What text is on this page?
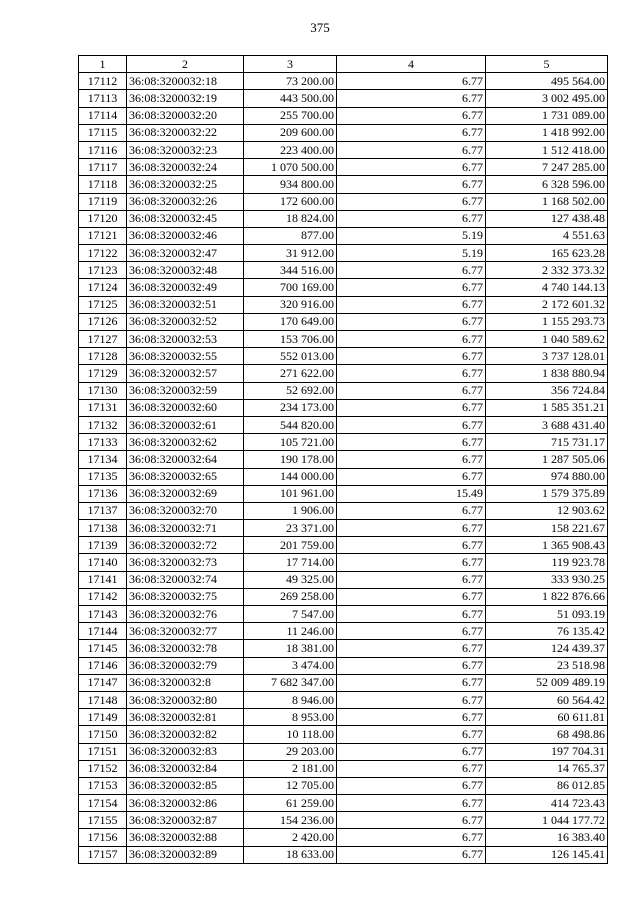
375
1	2	3	4	5
17112	36:08:3200032:18	73 200.00	6.77	495 564.00
17113	36:08:3200032:19	443 500.00	6.77	3 002 495.00
17114	36:08:3200032:20	255 700.00	6.77	1 731 089.00
17115	36:08:3200032:22	209 600.00	6.77	1 418 992.00
17116	36:08:3200032:23	223 400.00	6.77	1 512 418.00
17117	36:08:3200032:24	1 070 500.00	6.77	7 247 285.00
17118	36:08:3200032:25	934 800.00	6.77	6 328 596.00
17119	36:08:3200032:26	172 600.00	6.77	1 168 502.00
17120	36:08:3200032:45	18 824.00	6.77	127 438.48
17121	36:08:3200032:46	877.00	5.19	4 551.63
17122	36:08:3200032:47	31 912.00	5.19	165 623.28
17123	36:08:3200032:48	344 516.00	6.77	2 332 373.32
17124	36:08:3200032:49	700 169.00	6.77	4 740 144.13
17125	36:08:3200032:51	320 916.00	6.77	2 172 601.32
17126	36:08:3200032:52	170 649.00	6.77	1 155 293.73
17127	36:08:3200032:53	153 706.00	6.77	1 040 589.62
17128	36:08:3200032:55	552 013.00	6.77	3 737 128.01
17129	36:08:3200032:57	271 622.00	6.77	1 838 880.94
17130	36:08:3200032:59	52 692.00	6.77	356 724.84
17131	36:08:3200032:60	234 173.00	6.77	1 585 351.21
17132	36:08:3200032:61	544 820.00	6.77	3 688 431.40
17133	36:08:3200032:62	105 721.00	6.77	715 731.17
17134	36:08:3200032:64	190 178.00	6.77	1 287 505.06
17135	36:08:3200032:65	144 000.00	6.77	974 880.00
17136	36:08:3200032:69	101 961.00	15.49	1 579 375.89
17137	36:08:3200032:70	1 906.00	6.77	12 903.62
17138	36:08:3200032:71	23 371.00	6.77	158 221.67
17139	36:08:3200032:72	201 759.00	6.77	1 365 908.43
17140	36:08:3200032:73	17 714.00	6.77	119 923.78
17141	36:08:3200032:74	49 325.00	6.77	333 930.25
17142	36:08:3200032:75	269 258.00	6.77	1 822 876.66
17143	36:08:3200032:76	7 547.00	6.77	51 093.19
17144	36:08:3200032:77	11 246.00	6.77	76 135.42
17145	36:08:3200032:78	18 381.00	6.77	124 439.37
17146	36:08:3200032:79	3 474.00	6.77	23 518.98
17147	36:08:3200032:8	7 682 347.00	6.77	52 009 489.19
17148	36:08:3200032:80	8 946.00	6.77	60 564.42
17149	36:08:3200032:81	8 953.00	6.77	60 611.81
17150	36:08:3200032:82	10 118.00	6.77	68 498.86
17151	36:08:3200032:83	29 203.00	6.77	197 704.31
17152	36:08:3200032:84	2 181.00	6.77	14 765.37
17153	36:08:3200032:85	12 705.00	6.77	86 012.85
17154	36:08:3200032:86	61 259.00	6.77	414 723.43
17155	36:08:3200032:87	154 236.00	6.77	1 044 177.72
17156	36:08:3200032:88	2 420.00	6.77	16 383.40
17157	36:08:3200032:89	18 633.00	6.77	126 145.41
